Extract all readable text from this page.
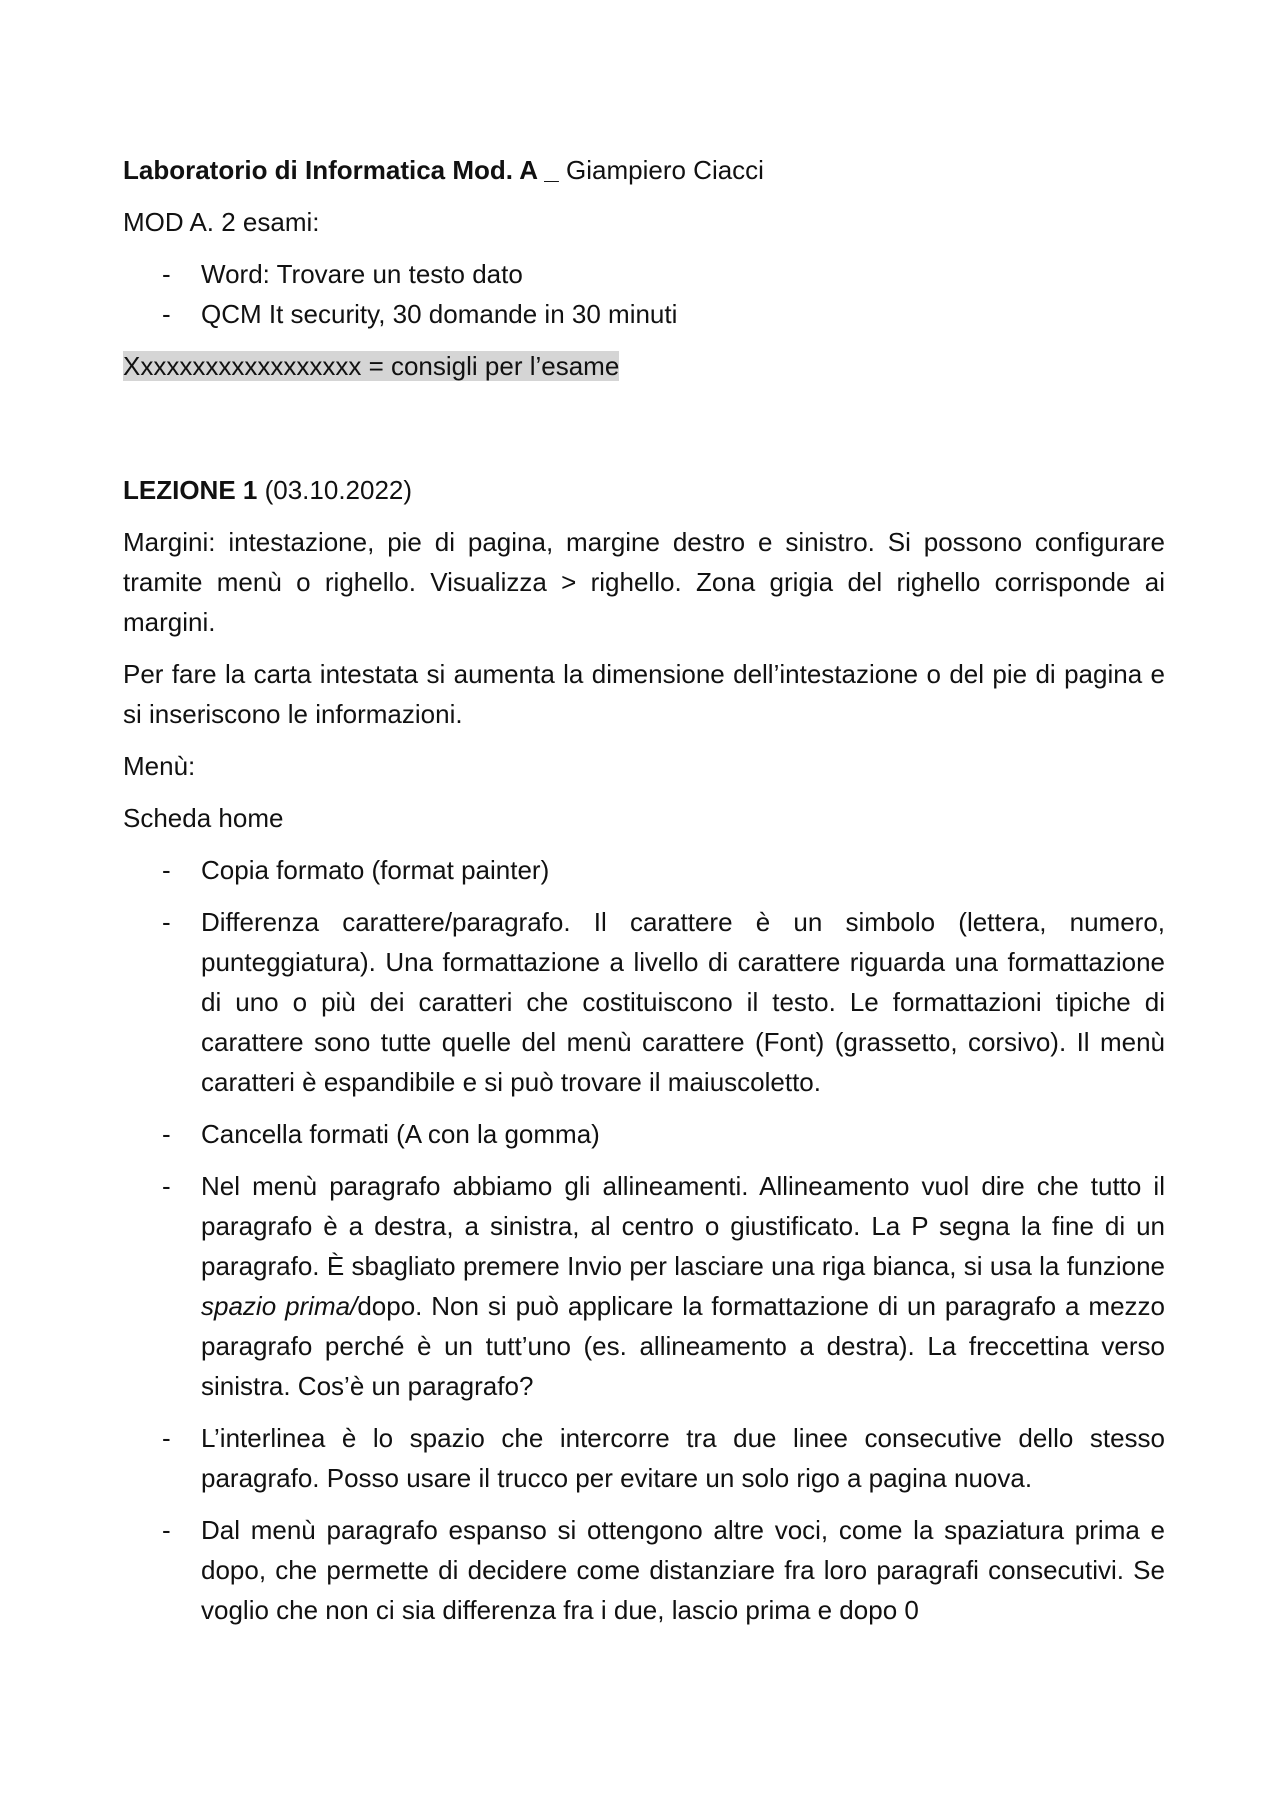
Laboratorio di Informatica Mod. A _ Giampiero Ciacci

MOD A. 2 esami:

- Word: Trovare un testo dato
- QCM It security, 30 domande in 30 minuti

Xxxxxxxxxxxxxxxxxx = consigli per l’esame

LEZIONE 1 (03.10.2022)

Margini: intestazione, pie di pagina, margine destro e sinistro. Si possono configurare tramite menù o righello. Visualizza > righello. Zona grigia del righello corrisponde ai margini.

Per fare la carta intestata si aumenta la dimensione dell’intestazione o del pie di pagina e si inseriscono le informazioni.

Menù:

Scheda home

- Copia formato (format painter)
- Differenza carattere/paragrafo. Il carattere è un simbolo (lettera, numero, punteggiatura). Una formattazione a livello di carattere riguarda una formattazione di uno o più dei caratteri che costituiscono il testo. Le formattazioni tipiche di carattere sono tutte quelle del menù carattere (Font) (grassetto, corsivo). Il menù caratteri è espandibile e si può trovare il maiuscoletto.
- Cancella formati (A con la gomma)
- Nel menù paragrafo abbiamo gli allineamenti. Allineamento vuol dire che tutto il paragrafo è a destra, a sinistra, al centro o giustificato. La P segna la fine di un paragrafo. È sbagliato premere Invio per lasciare una riga bianca, si usa la funzione spazio prima/dopo. Non si può applicare la formattazione di un paragrafo a mezzo paragrafo perché è un tutt’uno (es. allineamento a destra). La freccettina verso sinistra. Cos’è un paragrafo?
- L’interlinea è lo spazio che intercorre tra due linee consecutive dello stesso paragrafo. Posso usare il trucco per evitare un solo rigo a pagina nuova.
- Dal menù paragrafo espanso si ottengono altre voci, come la spaziatura prima e dopo, che permette di decidere come distanziare fra loro paragrafi consecutivi. Se voglio che non ci sia differenza fra i due, lascio prima e dopo 0
